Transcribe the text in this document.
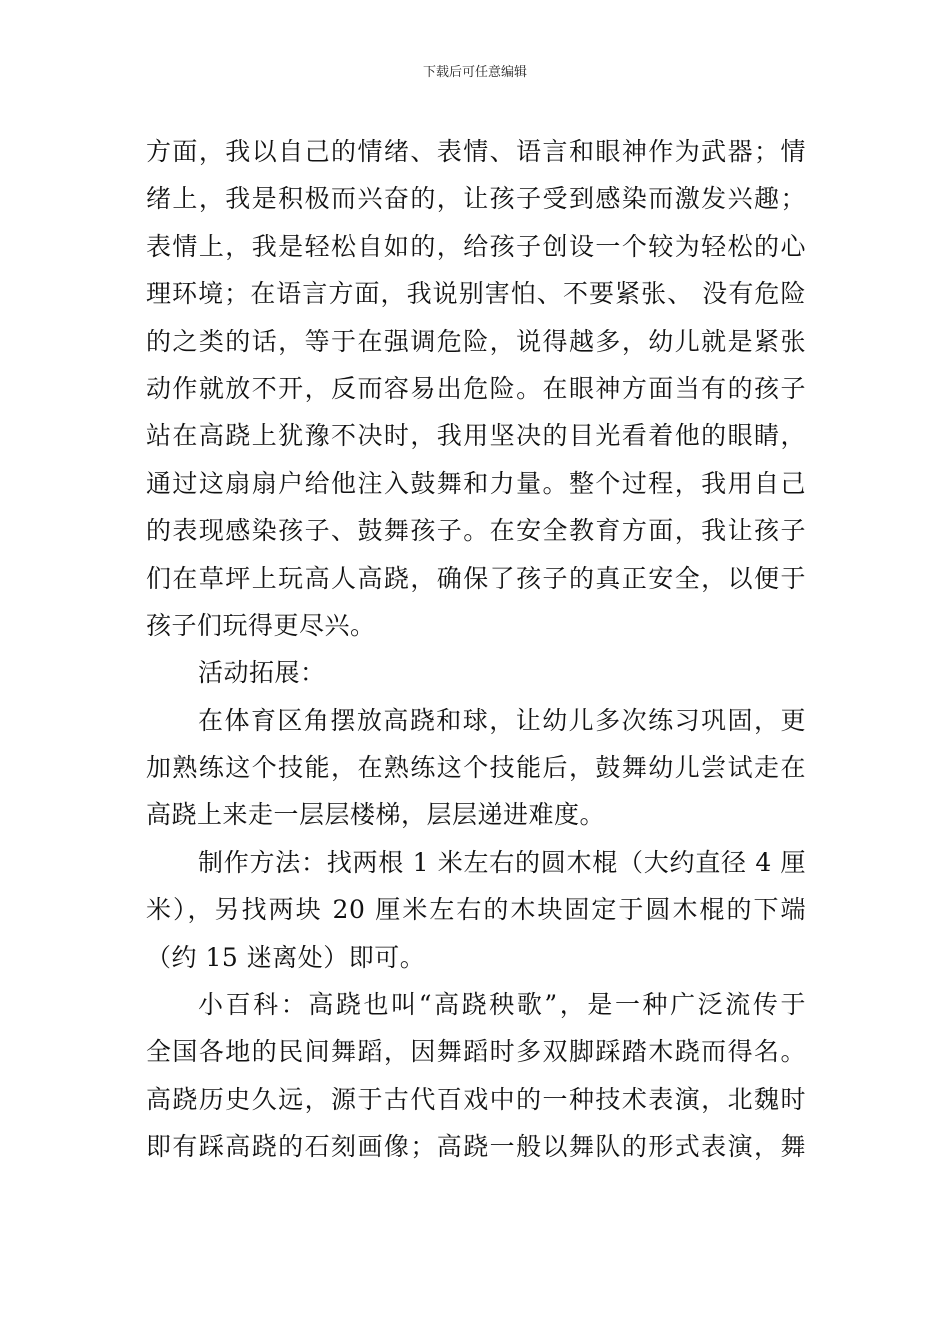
下载后可任意编辑
方面，我以自己的情绪、表情、语言和眼神作为武器；情
绪上，我是积极而兴奋的，让孩子受到感染而激发兴趣；
表情上，我是轻松自如的，给孩子创设一个较为轻松的心
理环境；在语言方面，我说别害怕、不要紧张、 没有危险
的之类的话，等于在强调危险，说得越多，幼儿就是紧张
动作就放不开，反而容易出危险。在眼神方面当有的孩子
站在高跷上犹豫不决时，我用坚决的目光看着他的眼睛，
通过这扇扇户给他注入鼓舞和力量。整个过程，我用自己
的表现感染孩子、鼓舞孩子。在安全教育方面，我让孩子
们在草坪上玩高人高跷，确保了孩子的真正安全，以便于
孩子们玩得更尽兴。
活动拓展：
在体育区角摆放高跷和球，让幼儿多次练习巩固，更
加熟练这个技能，在熟练这个技能后，鼓舞幼儿尝试走在
高跷上来走一层层楼梯，层层递进难度。
制作方法：找两根 1 米左右的圆木棍（大约直径 4 厘
米），另找两块 20 厘米左右的木块固定于圆木棍的下端
（约 15 迷离处）即可。
小百科：高跷也叫“高跷秧歌”，是一种广泛流传于
全国各地的民间舞蹈，因舞蹈时多双脚踩踏木跷而得名。
高跷历史久远，源于古代百戏中的一种技术表演，北魏时
即有踩高跷的石刻画像；高跷一般以舞队的形式表演，舞
